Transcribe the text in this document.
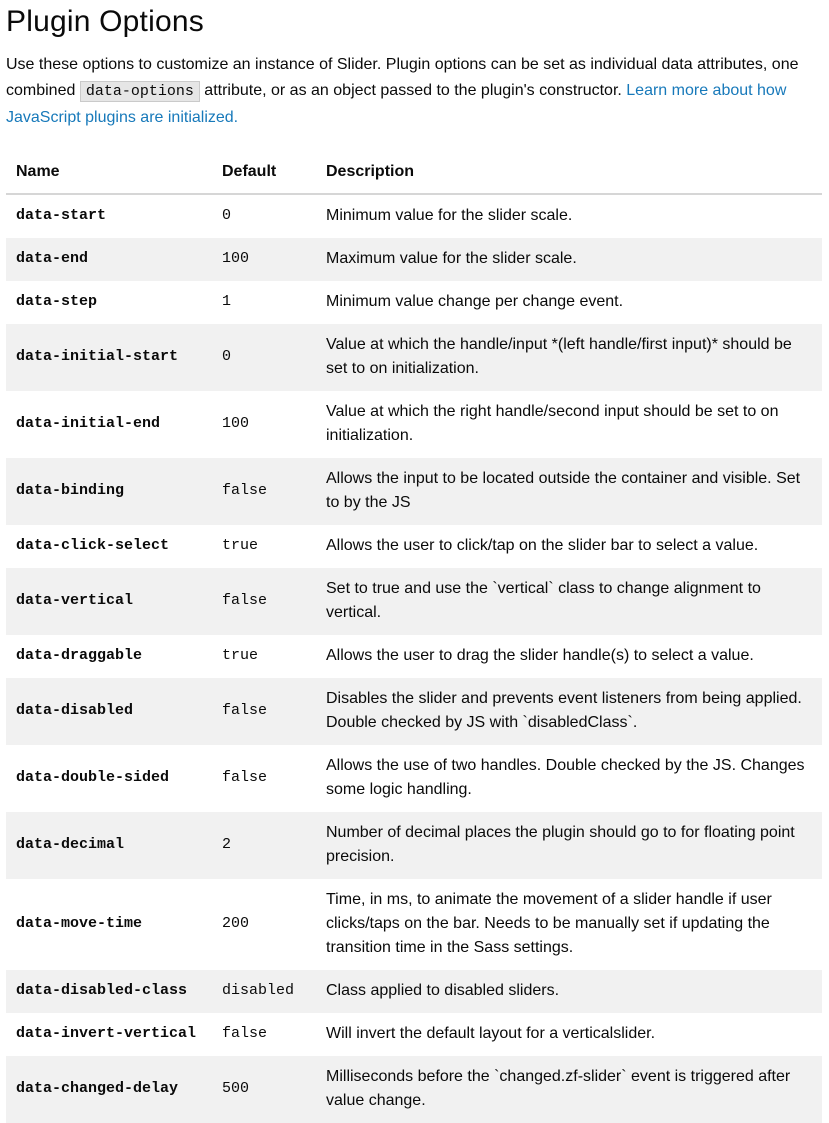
Plugin Options

Use these options to customize an instance of Slider. Plugin options can be set as individual data attributes, one combined data-options attribute, or as an object passed to the plugin's constructor. Learn more about how JavaScript plugins are initialized.

Name	Default	Description
data-start	0	Minimum value for the slider scale.
data-end	100	Maximum value for the slider scale.
data-step	1	Minimum value change per change event.
data-initial-start	0	Value at which the handle/input *(left handle/first input)* should be set to on initialization.
data-initial-end	100	Value at which the right handle/second input should be set to on initialization.
data-binding	false	Allows the input to be located outside the container and visible. Set to by the JS
data-click-select	true	Allows the user to click/tap on the slider bar to select a value.
data-vertical	false	Set to true and use the `vertical` class to change alignment to vertical.
data-draggable	true	Allows the user to drag the slider handle(s) to select a value.
data-disabled	false	Disables the slider and prevents event listeners from being applied. Double checked by JS with `disabledClass`.
data-double-sided	false	Allows the use of two handles. Double checked by the JS. Changes some logic handling.
data-decimal	2	Number of decimal places the plugin should go to for floating point precision.
data-move-time	200	Time, in ms, to animate the movement of a slider handle if user clicks/taps on the bar. Needs to be manually set if updating the transition time in the Sass settings.
data-disabled-class	disabled	Class applied to disabled sliders.
data-invert-vertical	false	Will invert the default layout for a verticalslider.
data-changed-delay	500	Milliseconds before the `changed.zf-slider` event is triggered after value change.
